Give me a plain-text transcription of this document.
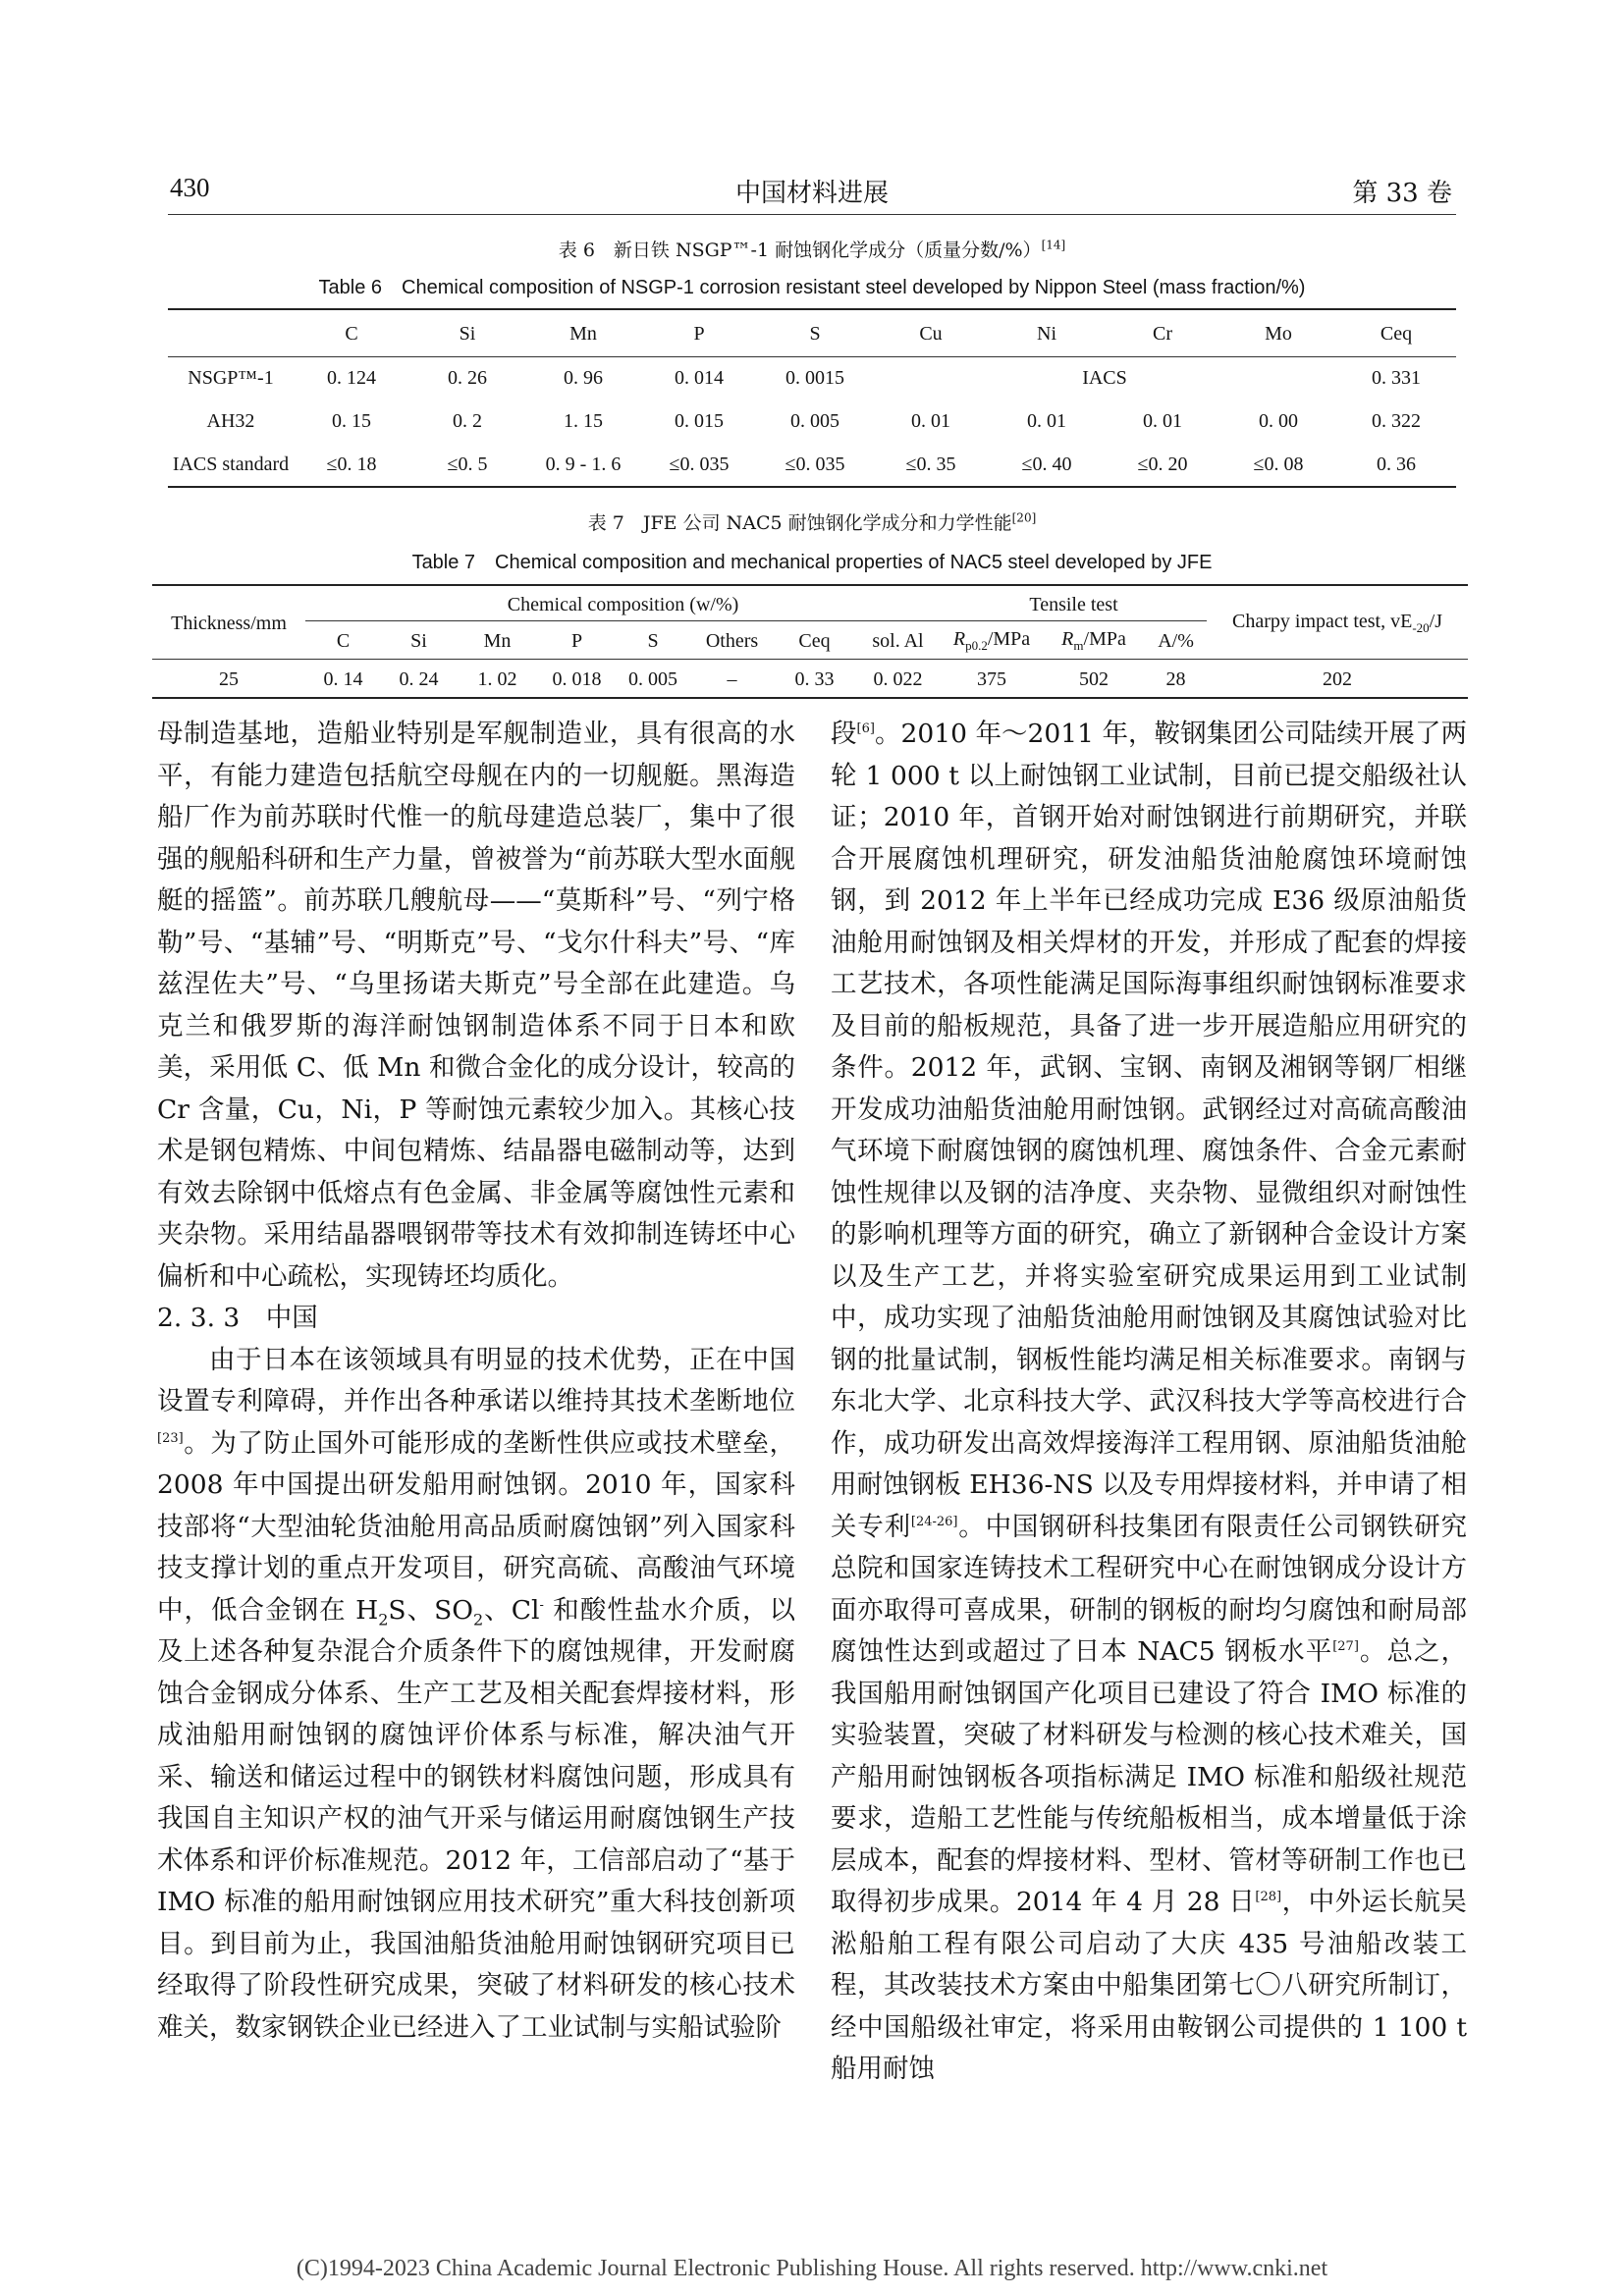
430	中国材料进展	第 33 卷
表 6　新日铁 NSGP™-1 耐蚀钢化学成分（质量分数/%）[14]
Table 6　Chemical composition of NSGP-1 corrosion resistant steel developed by Nippon Steel (mass fraction/%)
	C	Si	Mn	P	S	Cu	Ni	Cr	Mo	Ceq
NSGP™-1	0. 124	0. 26	0. 96	0. 014	0. 0015	IACS				0. 331
AH32	0. 15	0. 2	1. 15	0. 015	0. 005	0. 01	0. 01	0. 01	0. 00	0. 322
IACS standard	≤0. 18	≤0. 5	0. 9 - 1. 6	≤0. 035	≤0. 035	≤0. 35	≤0. 40	≤0. 20	≤0. 08	0. 36
表 7　JFE 公司 NAC5 耐蚀钢化学成分和力学性能[20]
Table 7　Chemical composition and mechanical properties of NAC5 steel developed by JFE
Thickness/mm	Chemical composition (w/%)								Tensile test			Charpy impact test, $vE_{-20}/J$
	C	Si	Mn	P	S	Others	Ceq	sol. Al	$R_{p0.2}$/MPa	$R_m$/MPa	A/%	
25	0. 14	0. 24	1. 02	0. 018	0. 005	–	0. 33	0. 022	375	502	28	202

母制造基地，造船业特别是军舰制造业，具有很高的水平，有能力建造包括航空母舰在内的一切舰艇。黑海造船厂作为前苏联时代惟一的航母建造总装厂，集中了很强的舰船科研和生产力量，曾被誉为“前苏联大型水面舰艇的摇篮”。前苏联几艘航母——“莫斯科”号、“列宁格勒”号、“基辅”号、“明斯克”号、“戈尔什科夫”号、“库兹涅佐夫”号、“乌里扬诺夫斯克”号全部在此建造。乌克兰和俄罗斯的海洋耐蚀钢制造体系不同于日本和欧美，采用低 C、低 Mn 和微合金化的成分设计，较高的 Cr 含量，Cu，Ni，P 等耐蚀元素较少加入。其核心技术是钢包精炼、中间包精炼、结晶器电磁制动等，达到有效去除钢中低熔点有色金属、非金属等腐蚀性元素和夹杂物。采用结晶器喂钢带等技术有效抑制连铸坯中心偏析和中心疏松，实现铸坯均质化。

2. 3. 3　中国

由于日本在该领域具有明显的技术优势，正在中国设置专利障碍，并作出各种承诺以维持其技术垄断地位[23]。为了防止国外可能形成的垄断性供应或技术壁垒，2008 年中国提出研发船用耐蚀钢。2010 年，国家科技部将“大型油轮货油舱用高品质耐腐蚀钢”列入国家科技支撑计划的重点开发项目，研究高硫、高酸油气环境中，低合金钢在 $H_2S$、$SO_2$、Cl- 和酸性盐水介质，以及上述各种复杂混合介质条件下的腐蚀规律，开发耐腐蚀合金钢成分体系、生产工艺及相关配套焊接材料，形成油船用耐蚀钢的腐蚀评价体系与标准，解决油气开采、输送和储运过程中的钢铁材料腐蚀问题，形成具有我国自主知识产权的油气开采与储运用耐腐蚀钢生产技术体系和评价标准规范。2012 年，工信部启动了“基于 IMO 标准的船用耐蚀钢应用技术研究”重大科技创新项目。到目前为止，我国油船货油舱用耐蚀钢研究项目已经取得了阶段性研究成果，突破了材料研发的核心技术难关，数家钢铁企业已经进入了工业试制与实船试验阶

段[6]。2010 年～2011 年，鞍钢集团公司陆续开展了两轮 1 000 t 以上耐蚀钢工业试制，目前已提交船级社认证；2010 年，首钢开始对耐蚀钢进行前期研究，并联合开展腐蚀机理研究，研发油船货油舱腐蚀环境耐蚀钢，到 2012 年上半年已经成功完成 E36 级原油船货油舱用耐蚀钢及相关焊材的开发，并形成了配套的焊接工艺技术，各项性能满足国际海事组织耐蚀钢标准要求及目前的船板规范，具备了进一步开展造船应用研究的条件。2012 年，武钢、宝钢、南钢及湘钢等钢厂相继开发成功油船货油舱用耐蚀钢。武钢经过对高硫高酸油气环境下耐腐蚀钢的腐蚀机理、腐蚀条件、合金元素耐蚀性规律以及钢的洁净度、夹杂物、显微组织对耐蚀性的影响机理等方面的研究，确立了新钢种合金设计方案以及生产工艺，并将实验室研究成果运用到工业试制中，成功实现了油船货油舱用耐蚀钢及其腐蚀试验对比钢的批量试制，钢板性能均满足相关标准要求。南钢与东北大学、北京科技大学、武汉科技大学等高校进行合作，成功研发出高效焊接海洋工程用钢、原油船货油舱用耐蚀钢板 EH36-NS 以及专用焊接材料，并申请了相关专利[24-26]。中国钢研科技集团有限责任公司钢铁研究总院和国家连铸技术工程研究中心在耐蚀钢成分设计方面亦取得可喜成果，研制的钢板的耐均匀腐蚀和耐局部腐蚀性达到或超过了日本 NAC5 钢板水平[27]。总之，我国船用耐蚀钢国产化项目已建设了符合 IMO 标准的实验装置，突破了材料研发与检测的核心技术难关，国产船用耐蚀钢板各项指标满足 IMO 标准和船级社规范要求，造船工艺性能与传统船板相当，成本增量低于涂层成本，配套的焊接材料、型材、管材等研制工作也已取得初步成果。2014 年 4 月 28 日[28]，中外运长航吴淞船舶工程有限公司启动了大庆 435 号油船改装工程，其改装技术方案由中船集团第七〇八研究所制订，经中国船级社审定，将采用由鞍钢公司提供的 1 100 t 船用耐蚀

(C)1994-2023 China Academic Journal Electronic Publishing House. All rights reserved. http://www.cnki.net
